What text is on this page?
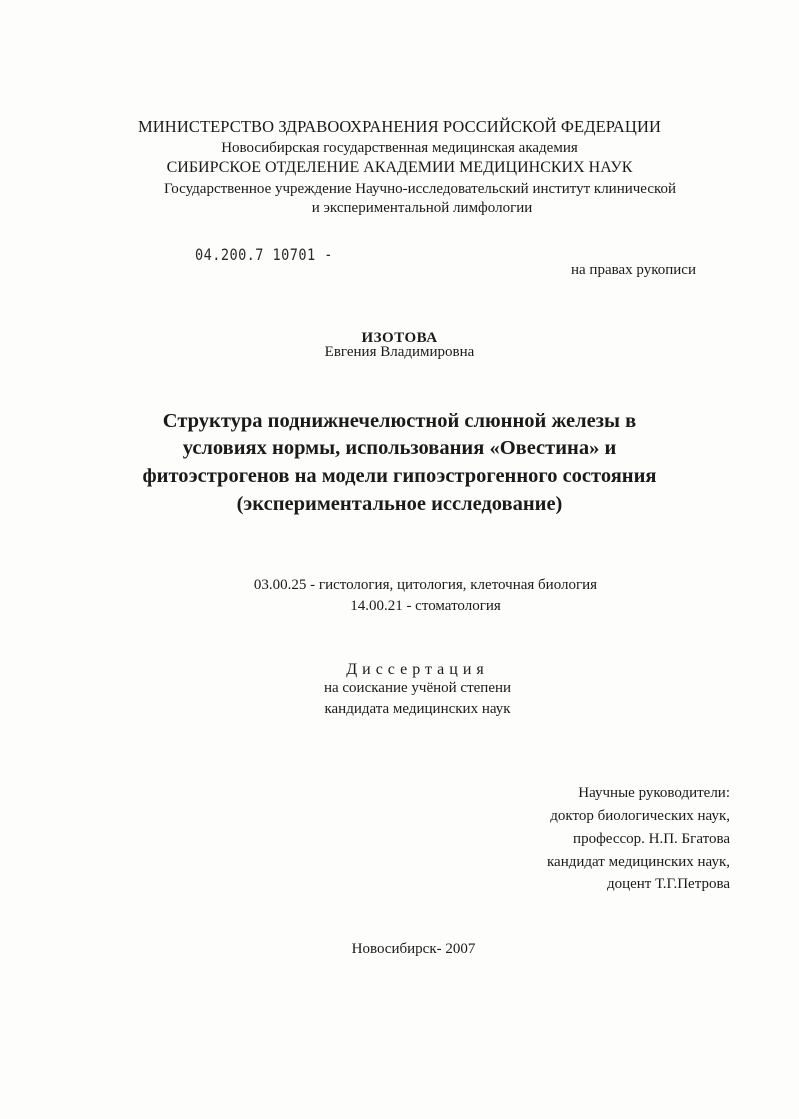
МИНИСТЕРСТВО ЗДРАВООХРАНЕНИЯ РОССИЙСКОЙ ФЕДЕРАЦИИ
Новосибирская государственная медицинская академия
СИБИРСКОЕ ОТДЕЛЕНИЕ АКАДЕМИИ МЕДИЦИНСКИХ НАУК
Государственное учреждение Научно-исследовательский институт клинической
и экспериментальной лимфологии
04.200.7 10701 -
на правах рукописи
ИЗОТОВА
Евгения Владимировна
Структура поднижнечелюстной слюнной железы в
условиях нормы, использования «Овестина» и
фитоэстрогенов на модели гипоэстрогенного состояния
(экспериментальное исследование)
03.00.25 - гистология, цитология, клеточная биология
14.00.21 - стоматология
Диссертация
на соискание учёной степени
кандидата медицинских наук
Научные руководители:
доктор биологических наук,
профессор. Н.П. Бгатова
кандидат медицинских наук,
доцент Т.Г.Петрова
Новосибирск- 2007
